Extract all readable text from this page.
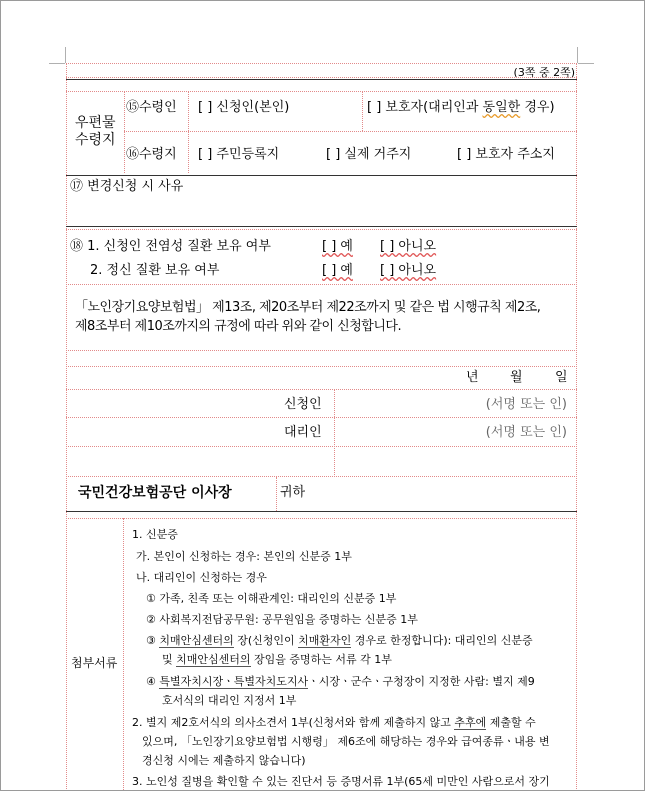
(3쪽 중 2쪽)
우편물
수령지
⑮수령인 [ ] 신청인(본인)	[ ] 보호자(대리인과 동일한 경우)
⑯수령지 [ ] 주민등록지	[ ] 실제 거주지	[ ] 보호자 주소지
⑰ 변경신청 시 사유
⑱ 1. 신청인 전염성 질환 보유 여부	[ ] 예 [ ] 아니오
2. 정신 질환 보유 여부	[ ] 예 [ ] 아니오
「노인장기요양보험법」 제13조, 제20조부터 제22조까지 및 같은 법 시행규칙 제2조,
제8조부터 제10조까지의 규정에 따라 위와 같이 신청합니다.
년 월 일
신청인	(서명 또는 인)
대리인	(서명 또는 인)
국민건강보험공단 이사장	귀하
첨부서류
1. 신분증
가. 본인이 신청하는 경우: 본인의 신분증 1부
나. 대리인이 신청하는 경우
① 가족, 친족 또는 이해관계인: 대리인의 신분증 1부
② 사회복지전담공무원: 공무원임을 증명하는 신분증 1부
③ 치매안심센터의 장(신청인이 치매환자인 경우로 한정합니다): 대리인의 신분증
및 치매안심센터의 장임을 증명하는 서류 각 1부
④ 특별자치시장ㆍ특별자치도지사ㆍ시장ㆍ군수ㆍ구청장이 지정한 사람: 별지 제9
호서식의 대리인 지정서 1부
2. 별지 제2호서식의 의사소견서 1부(신청서와 함께 제출하지 않고 추후에 제출할 수
있으며, 「노인장기요양보험법 시행령」 제6조에 해당하는 경우와 급여종류ㆍ내용 변
경신청 시에는 제출하지 않습니다)
3. 노인성 질병을 확인할 수 있는 진단서 등 증명서류 1부(65세 미만인 사람으로서 장기
